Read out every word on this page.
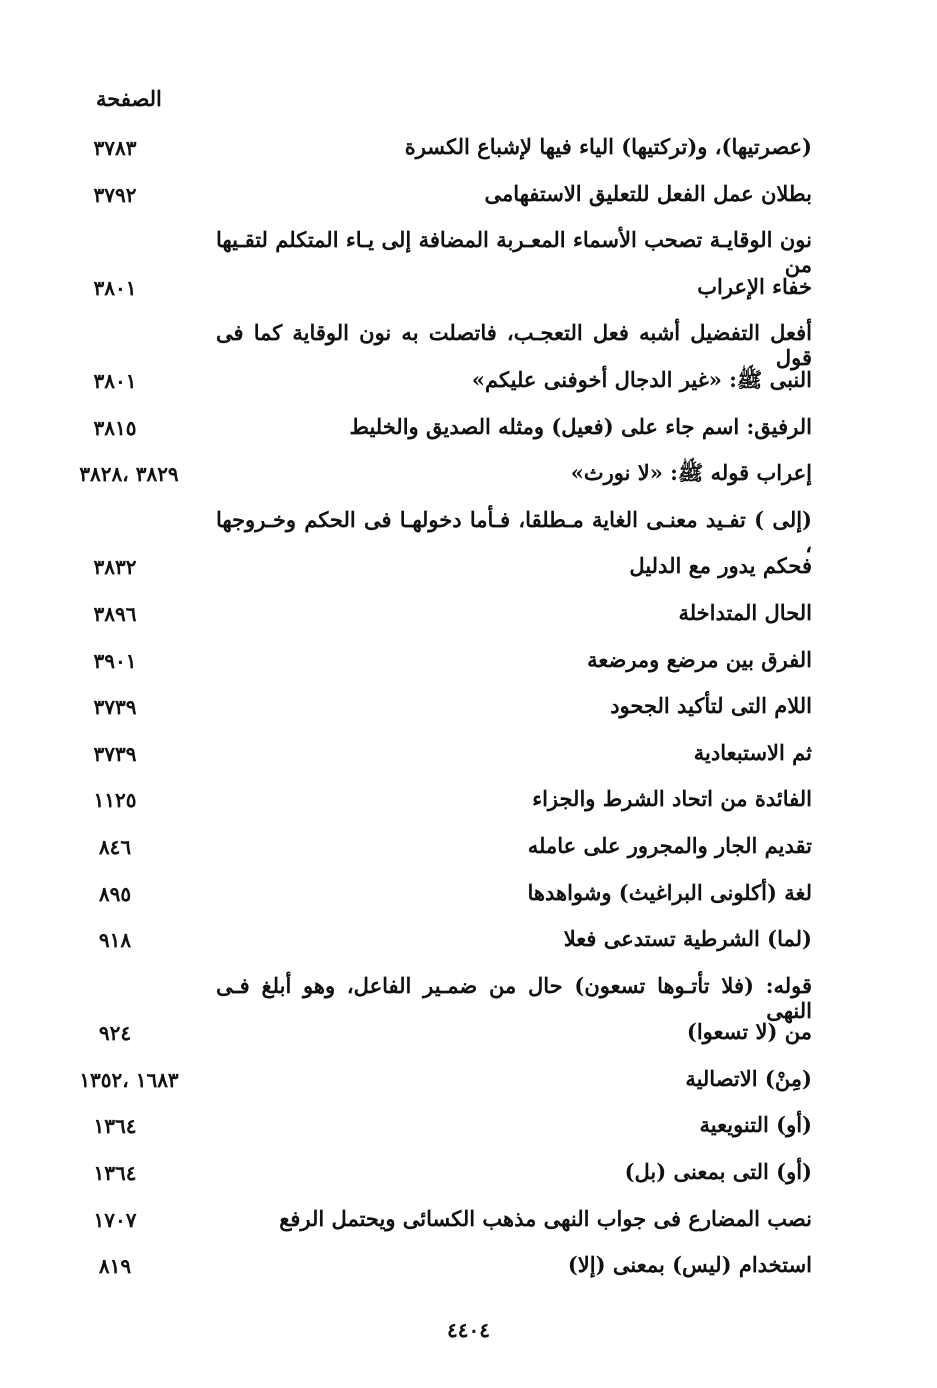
الصفحة
(عصرتيها)، و(تركتيها) الياء فيها لإشباع الكسرة
٣٧٨٣
بطلان عمل الفعل للتعليق الاستفهامى
٣٧٩٢
نون الوقايـة تصحب الأسماء المعـربة المضافة إلى يـاء المتكلم لتقـيها من
خفاء الإعراب
٣٨٠١
أفعل التفضيل أشبه فعل التعجـب، فاتصلت به نون الوقاية كما فى قول
النبى ﷺ: «غير الدجال أخوفنى عليكم»
٣٨٠١
الرفيق: اسم جاء على (فعيل) ومثله الصديق والخليط
٣٨١٥
إعراب قوله ﷺ: «لا نورث»
٣٨٢٩ ،٣٨٢٨
(إلى ) تفـيد معنـى الغاية مـطلقا، فـأما دخولهـا فى الحكم وخـروجها ،
فحكم يدور مع الدليل
٣٨٣٢
الحال المتداخلة
٣٨٩٦
الفرق بين مرضع ومرضعة
٣٩٠١
اللام التى لتأكيد الجحود
٣٧٣٩
ثم الاستبعادية
٣٧٣٩
الفائدة من اتحاد الشرط والجزاء
١١٢٥
تقديم الجار والمجرور على عامله
٨٤٦
لغة (أكلونى البراغيث) وشواهدها
٨٩٥
(لما) الشرطية تستدعى فعلا
٩١٨
قوله: (فلا تأتـوها تسعون) حال من ضمـير الفاعل، وهو أبلغ فـى النهى
من (لا تسعوا)
٩٢٤
(مِنْ) الاتصالية
١٦٨٣ ،١٣٥٢
(أو) التنويعية
١٣٦٤
(أو) التى بمعنى (بل)
١٣٦٤
نصب المضارع فى جواب النهى مذهب الكسائى ويحتمل الرفع
١٧٠٧
استخدام (ليس) بمعنى (إلا)
٨١٩
٤٤٠٤
